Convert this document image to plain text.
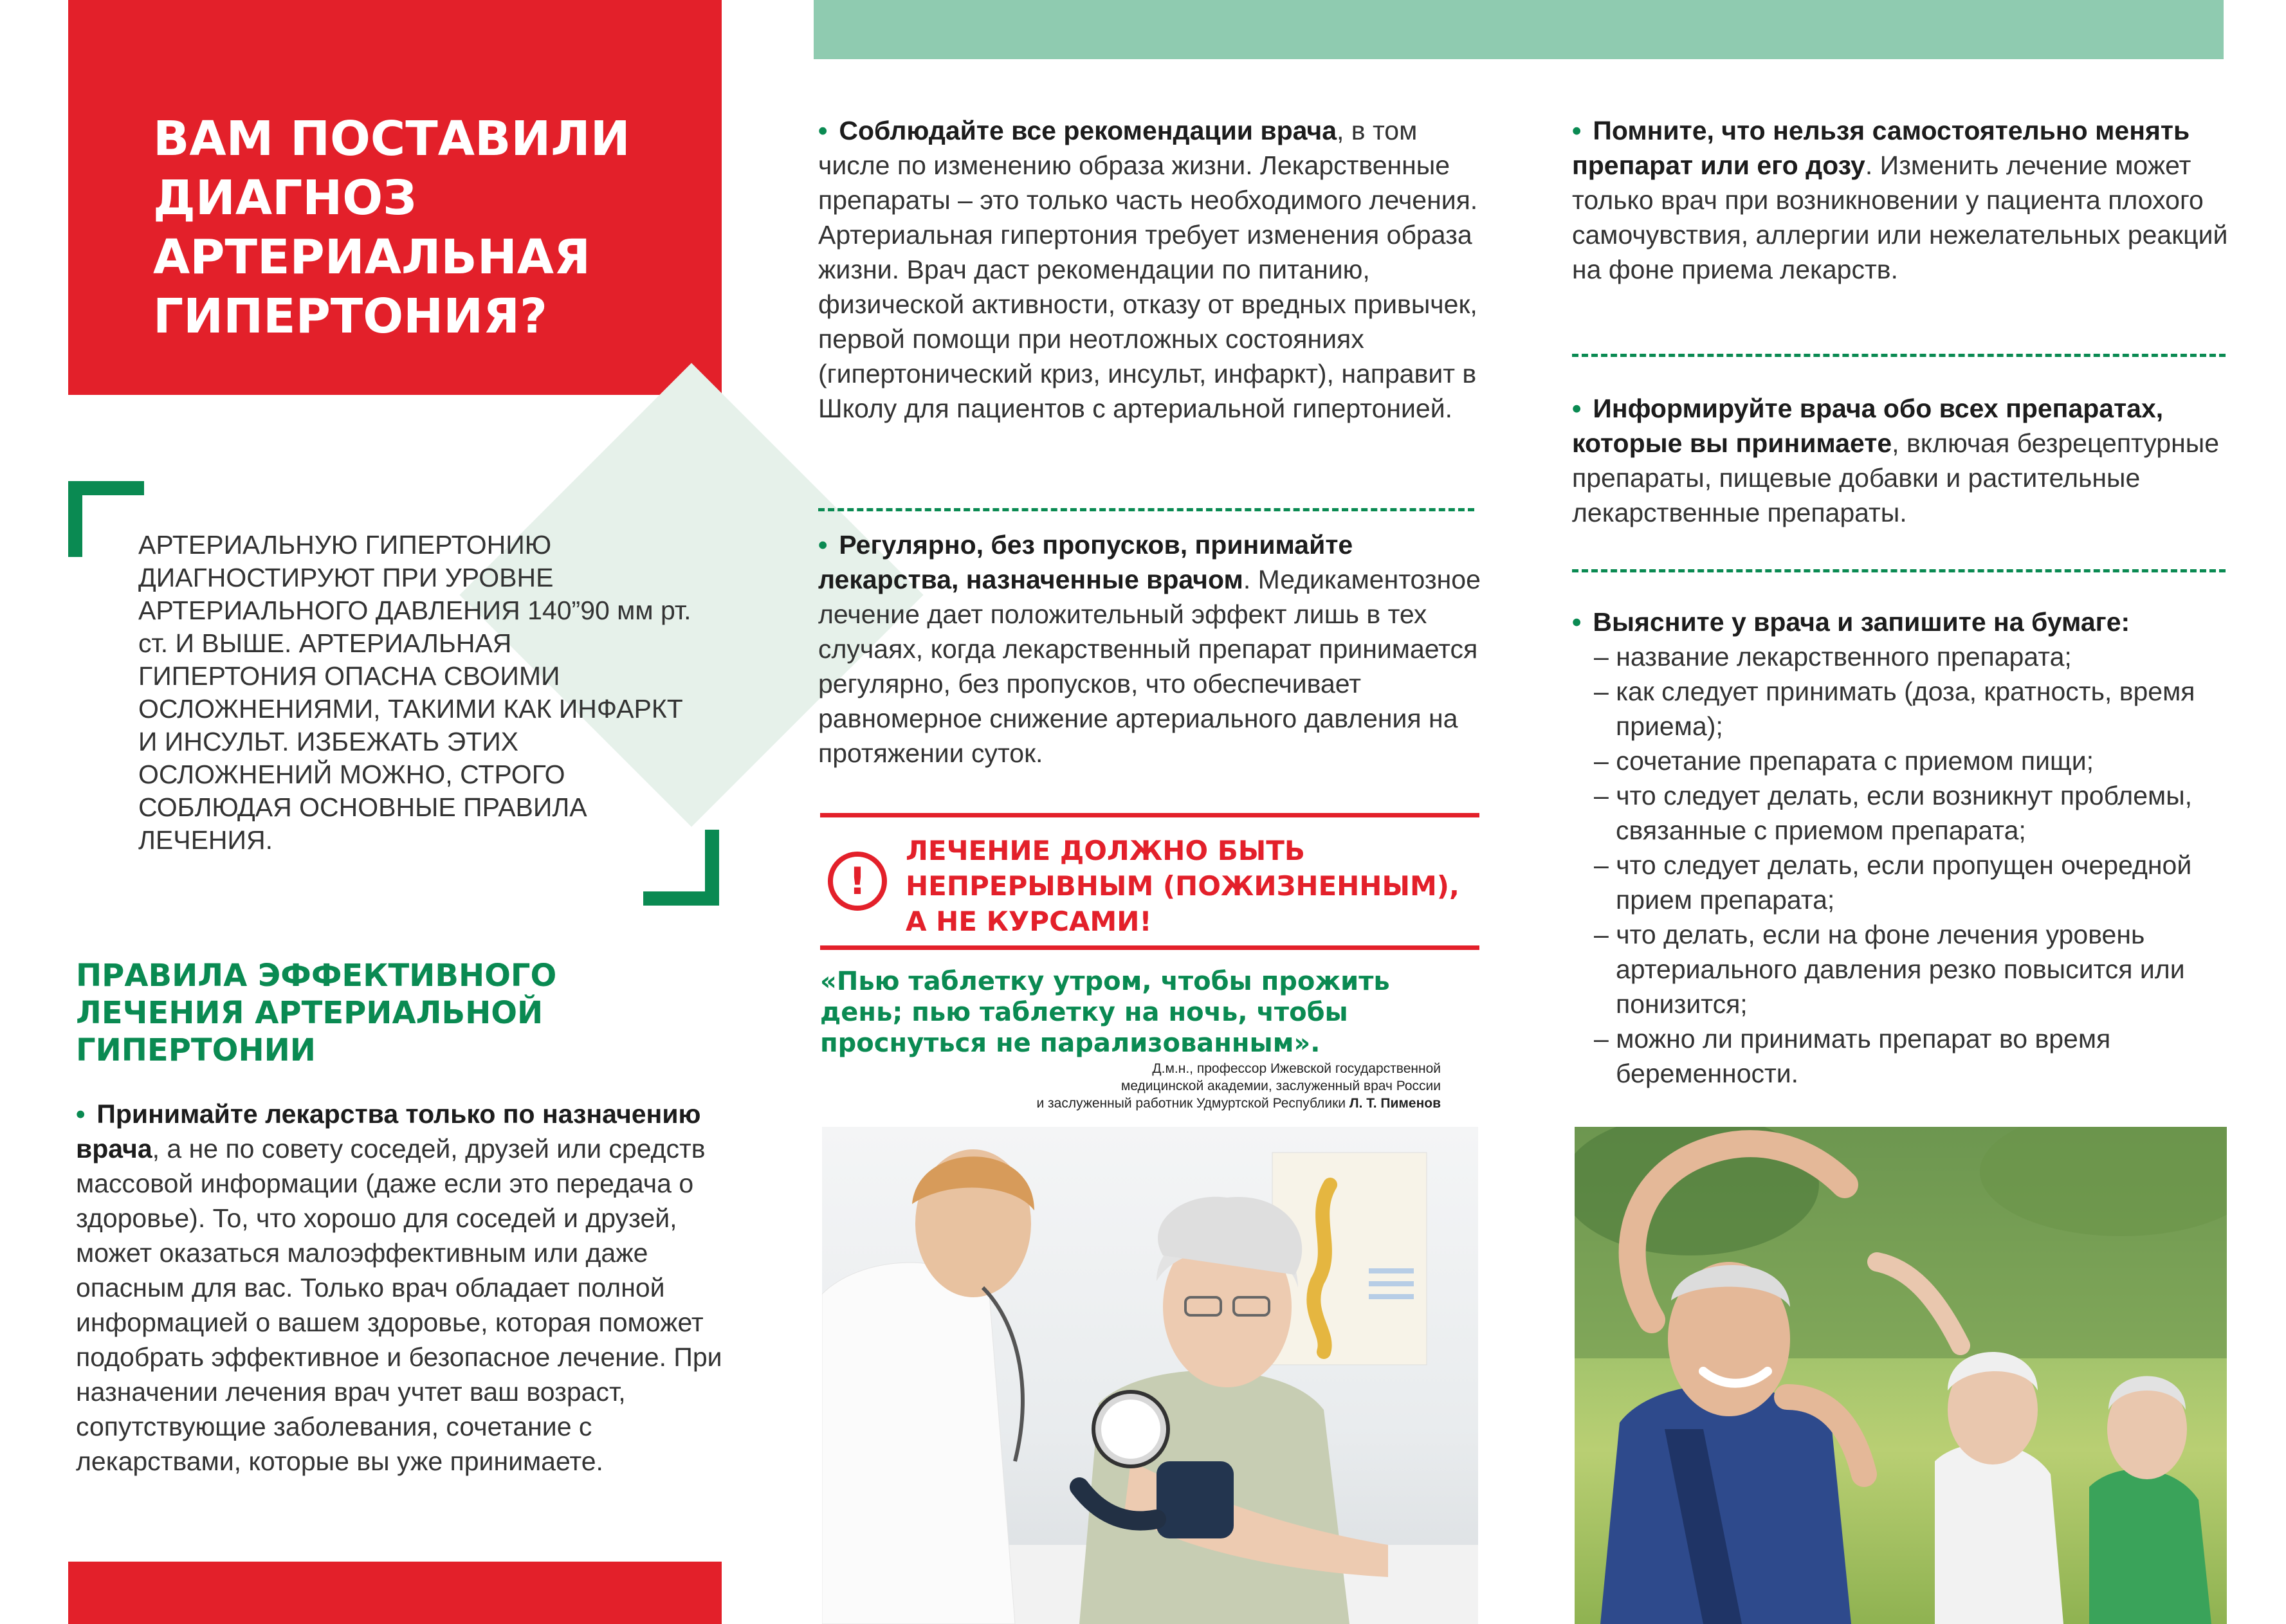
ВАМ ПОСТАВИЛИ ДИАГНОЗ АРТЕРИАЛЬНАЯ ГИПЕРТОНИЯ?

АРТЕРИАЛЬНУЮ ГИПЕРТОНИЮ ДИАГНОСТИРУЮТ ПРИ УРОВНЕ АРТЕРИАЛЬНОГО ДАВЛЕНИЯ 140”90 мм рт. ст. И ВЫШЕ. АРТЕРИАЛЬНАЯ ГИПЕРТОНИЯ ОПАСНА СВОИМИ ОСЛОЖНЕНИЯМИ, ТАКИМИ КАК ИНФАРКТ И ИНСУЛЬТ. ИЗБЕЖАТЬ ЭТИХ ОСЛОЖНЕНИЙ МОЖНО, СТРОГО СОБЛЮДАЯ ОСНОВНЫЕ ПРАВИЛА ЛЕЧЕНИЯ.

ПРАВИЛА ЭФФЕКТИВНОГО ЛЕЧЕНИЯ АРТЕРИАЛЬНОЙ ГИПЕРТОНИИ

• Принимайте лекарства только по назначению врача, а не по совету соседей, друзей или средств массовой информации (даже если это передача о здоровье). То, что хорошо для соседей и друзей, может оказаться малоэффективным или даже опасным для вас. Только врач обладает полной информацией о вашем здоровье, которая поможет подобрать эффективное и безопасное лечение. При назначении лечения врач учтет ваш возраст, сопутствующие заболевания, сочетание с лекарствами, которые вы уже принимаете.

• Соблюдайте все рекомендации врача, в том числе по изменению образа жизни. Лекарственные препараты – это только часть необходимого лечения. Артериальная гипертония требует изменения образа жизни. Врач даст рекомендации по питанию, физической активности, отказу от вредных привычек, первой помощи при неотложных состояниях (гипертонический криз, инсульт, инфаркт), направит в Школу для пациентов с артериальной гипертонией.

• Регулярно, без пропусков, принимайте лекарства, назначенные врачом. Медикаментозное лечение дает положительный эффект лишь в тех случаях, когда лекарственный препарат принимается регулярно, без пропусков, что обеспечивает равномерное снижение артериального давления на протяжении суток.

!

ЛЕЧЕНИЕ ДОЛЖНО БЫТЬ НЕПРЕРЫВНЫМ (ПОЖИЗНЕННЫМ), А НЕ КУРСАМИ!

«Пью таблетку утром, чтобы прожить день; пью таблетку на ночь, чтобы проснуться не парализованным».

Д.м.н., профессор Ижевской государственной
медицинской академии, заслуженный врач России
и заслуженный работник Удмуртской Республики Л. Т. Пименов

• Помните, что нельзя самостоятельно менять препарат или его дозу. Изменить лечение может только врач при возникновении у пациента плохого самочувствия, аллергии или нежелательных реакций на фоне приема лекарств.

• Информируйте врача обо всех препаратах, которые вы принимаете, включая безрецептурные препараты, пищевые добавки и растительные лекарственные препараты.

• Выясните у врача и запишите на бумаге:
– название лекарственного препарата;
– как следует принимать (доза, кратность, время приема);
– сочетание препарата с приемом пищи;
– что следует делать, если возникнут проблемы, связанные с приемом препарата;
– что следует делать, если пропущен очередной прием препарата;
– что делать, если на фоне лечения уровень артериального давления резко повысится или понизится;
– можно ли принимать препарат во время беременности.
